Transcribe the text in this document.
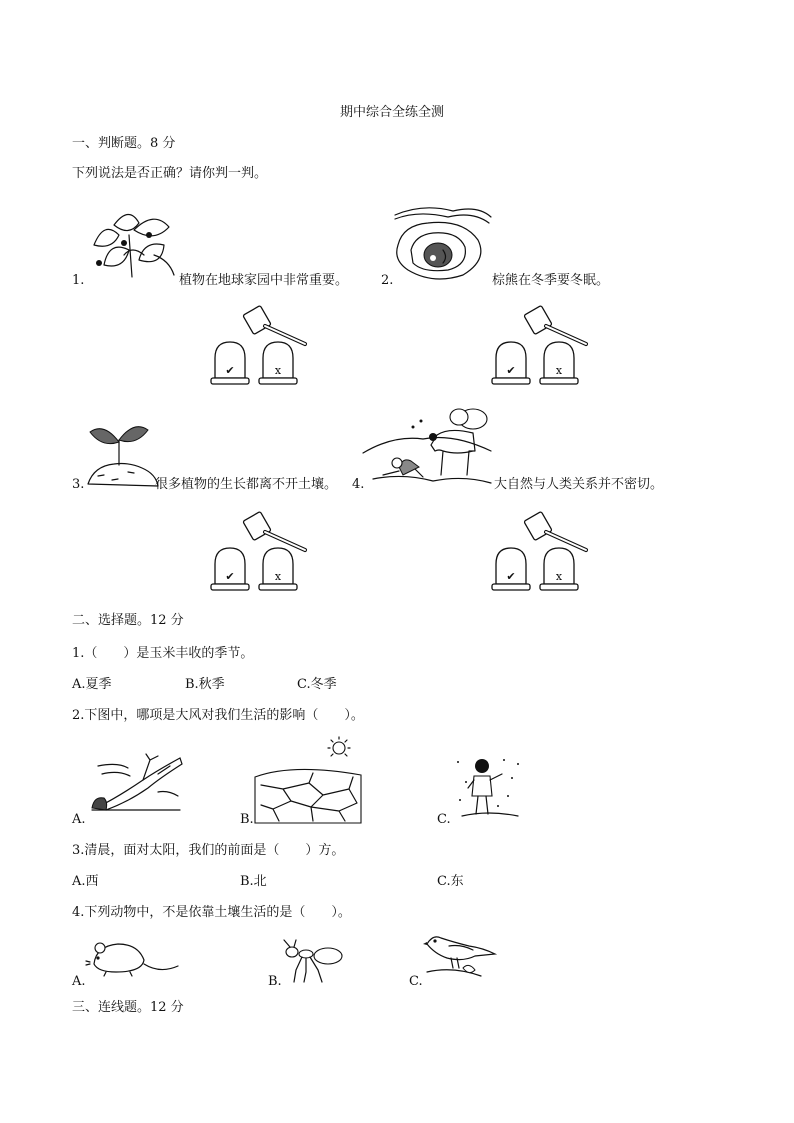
期中综合全练全测
一、判断题。8 分
下列说法是否正确？请你判一判。
1.	植物在地球家园中非常重要。	2.	棕熊在冬季要冬眠。
✔	x	✔	x
3.	很多植物的生长都离不开土壤。 4.	大自然与人类关系并不密切。
✔	x	✔	x
二、选择题。12 分
1.（　　）是玉米丰收的季节。
A.夏季	B.秋季	C.冬季
2.下图中，哪项是大风对我们生活的影响（　　）。
A.	B.	C.
3.清晨，面对太阳，我们的前面是（　　）方。
A.西	B.北	C.东
4.下列动物中，不是依靠土壤生活的是（　　）。
A.	B.	C.
三、连线题。12 分
